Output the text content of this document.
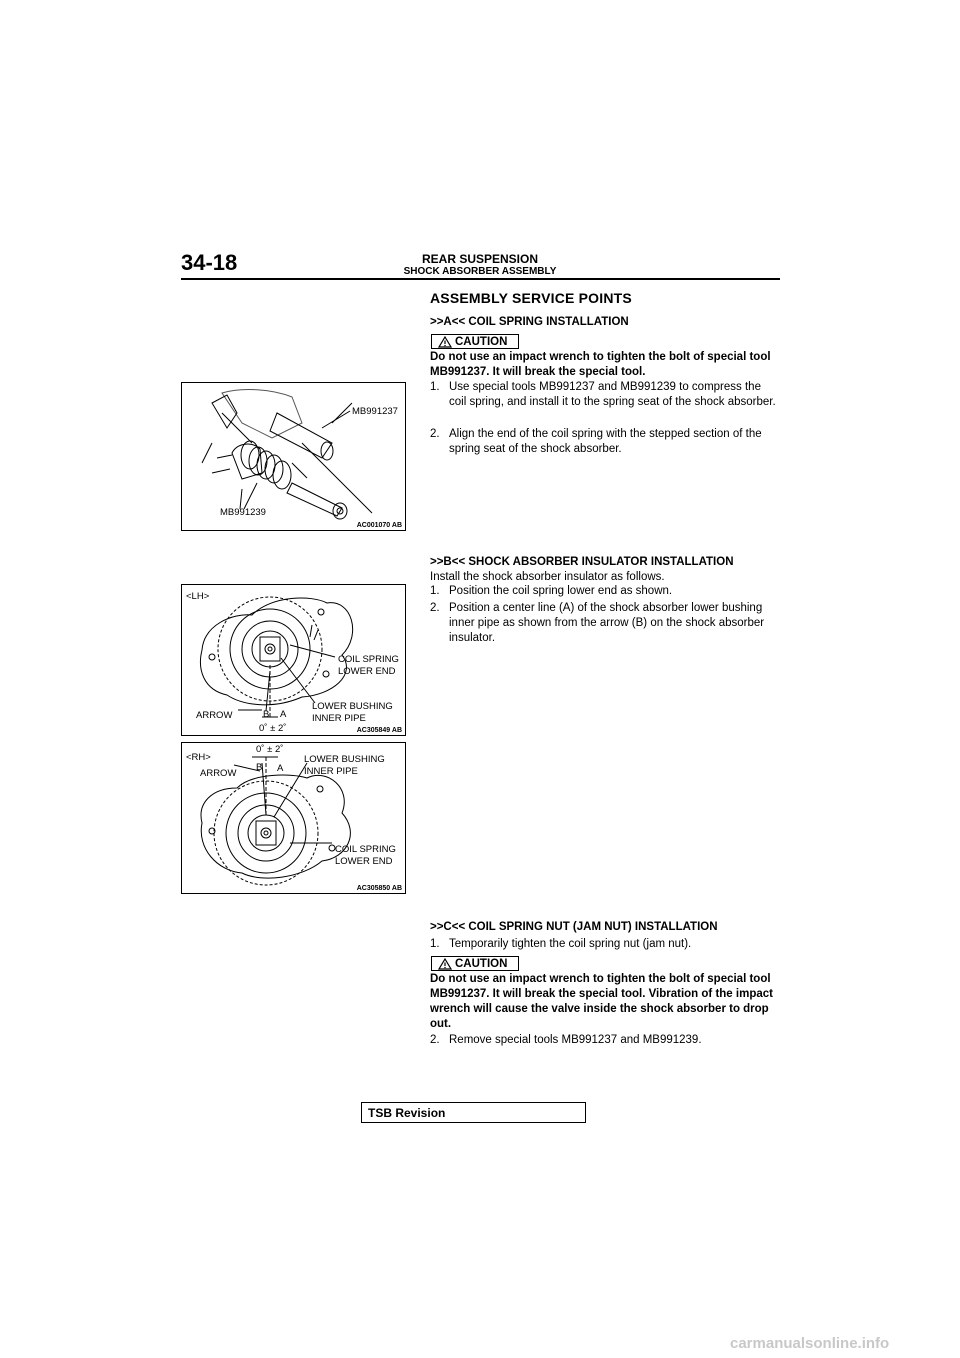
34-18	REAR SUSPENSION
SHOCK ABSORBER ASSEMBLY
ASSEMBLY SERVICE POINTS
>>A<< COIL SPRING INSTALLATION
CAUTION
Do not use an impact wrench to tighten the bolt of special tool MB991237. It will break the special tool.
1. Use special tools MB991237 and MB991239 to compress the coil spring, and install it to the spring seat of the shock absorber.
2. Align the end of the coil spring with the stepped section of the spring seat of the shock absorber.
MB991237
MB991239
AC001070 AB
>>B<< SHOCK ABSORBER INSULATOR INSTALLATION
Install the shock absorber insulator as follows.
1. Position the coil spring lower end as shown.
2. Position a center line (A) of the shock absorber lower bushing inner pipe as shown from the arrow (B) on the shock absorber insulator.
<LH>
COIL SPRING
LOWER END
LOWER BUSHING
INNER PIPE
ARROW	B A
0˚ ± 2˚	AC305849 AB
<RH>
0˚ ± 2˚
ARROW
B A
LOWER BUSHING
INNER PIPE
COIL SPRING
LOWER END
AC305850 AB
>>C<< COIL SPRING NUT (JAM NUT) INSTALLATION
1. Temporarily tighten the coil spring nut (jam nut).
CAUTION
Do not use an impact wrench to tighten the bolt of special tool MB991237. It will break the special tool. Vibration of the impact wrench will cause the valve inside the shock absorber to drop out.
2. Remove special tools MB991237 and MB991239.
TSB Revision
carmanualsonline.info
